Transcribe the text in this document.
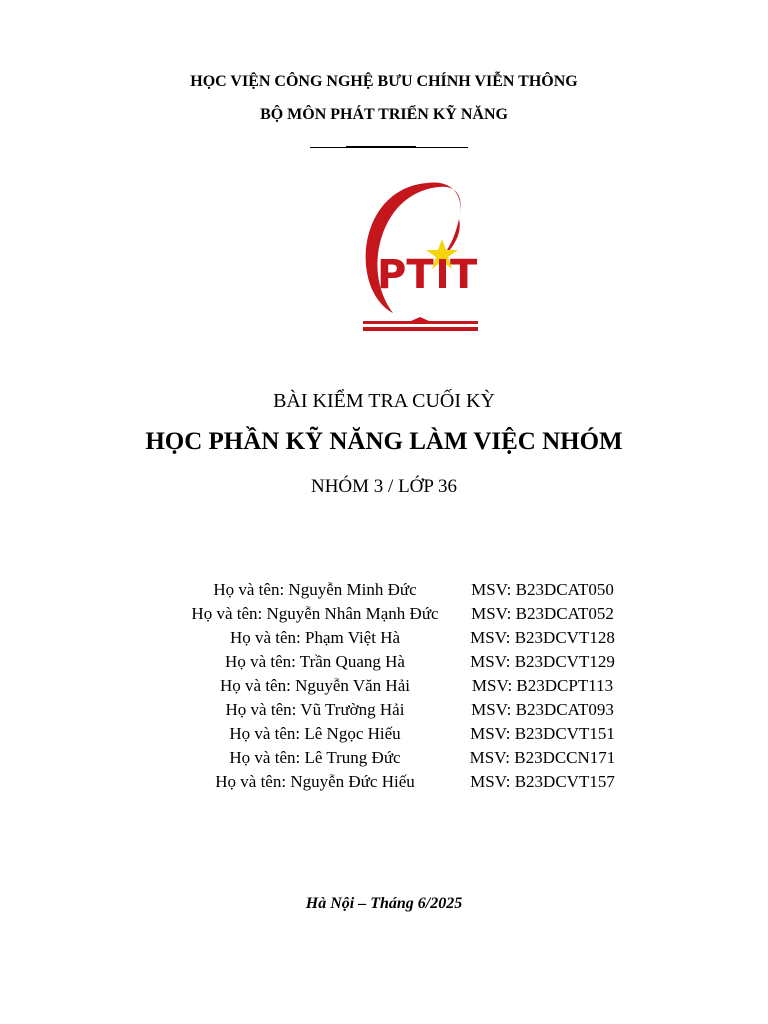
HỌC VIỆN CÔNG NGHỆ BƯU CHÍNH VIỄN THÔNG
BỘ MÔN PHÁT TRIỂN KỸ NĂNG
PT T
BÀI KIỂM TRA CUỐI KỲ
HỌC PHẦN KỸ NĂNG LÀM VIỆC NHÓM
NHÓM 3 / LỚP 36
Họ và tên: Nguyễn Minh Đức	MSV: B23DCAT050
Họ và tên: Nguyễn Nhân Mạnh Đức	MSV: B23DCAT052
Họ và tên: Phạm Việt Hà	MSV: B23DCVT128
Họ và tên: Trần Quang Hà	MSV: B23DCVT129
Họ và tên: Nguyễn Văn Hải	MSV: B23DCPT113
Họ và tên: Vũ Trường Hải	MSV: B23DCAT093
Họ và tên: Lê Ngọc Hiếu	MSV: B23DCVT151
Họ và tên: Lê Trung Đức	MSV: B23DCCN171
Họ và tên: Nguyễn Đức Hiếu	MSV: B23DCVT157
Hà Nội – Tháng 6/2025
